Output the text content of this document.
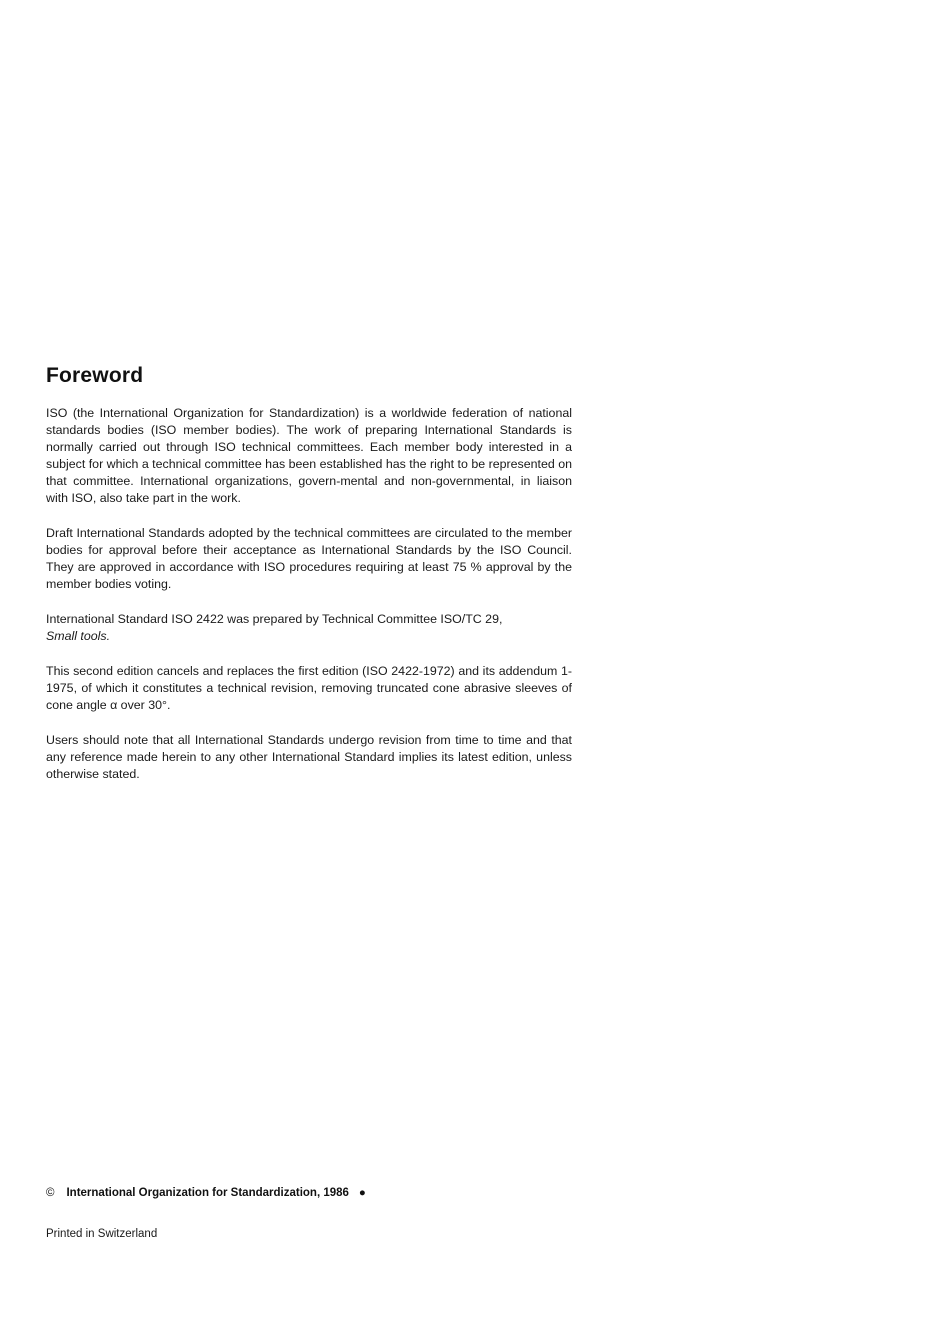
Foreword

ISO (the International Organization for Standardization) is a worldwide federation of national standards bodies (ISO member bodies). The work of preparing International Standards is normally carried out through ISO technical committees. Each member body interested in a subject for which a technical committee has been established has the right to be represented on that committee. International organizations, govern-mental and non-governmental, in liaison with ISO, also take part in the work.

Draft International Standards adopted by the technical committees are circulated to the member bodies for approval before their acceptance as International Standards by the ISO Council. They are approved in accordance with ISO procedures requiring at least 75 % approval by the member bodies voting.

International Standard ISO 2422 was prepared by Technical Committee ISO/TC 29,
Small tools.

This second edition cancels and replaces the first edition (ISO 2422-1972) and its addendum 1-1975, of which it constitutes a technical revision, removing truncated cone abrasive sleeves of cone angle α over 30°.

Users should note that all International Standards undergo revision from time to time and that any reference made herein to any other International Standard implies its latest edition, unless otherwise stated.

© International Organization for Standardization, 1986 ●
Printed in Switzerland
